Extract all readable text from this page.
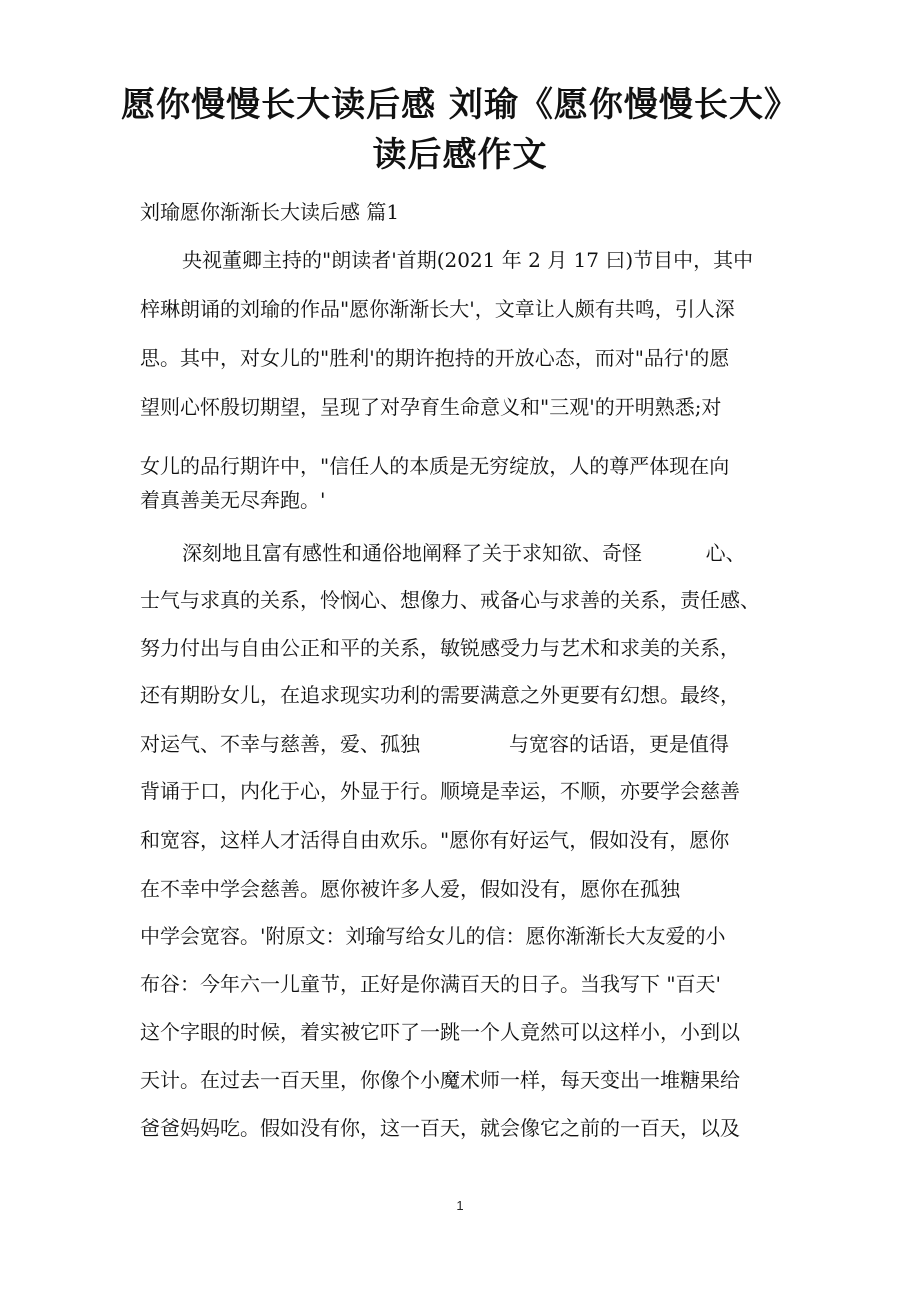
愿你慢慢长大读后感 刘瑜《愿你慢慢长大》
读后感作文
刘瑜愿你渐渐长大读后感 篇1
央视董卿主持的"朗读者'首期(2021 年 2 月 17 曰)节目中，其中
梓琳朗诵的刘瑜的作品"愿你渐渐长大'，文章让人颇有共鸣，引人深
思。其中，对女儿的"胜利'的期许抱持的开放心态，而对"品行'的愿
望则心怀殷切期望，呈现了对孕育生命意义和"三观'的开明熟悉;对
女儿的品行期许中，"信任人的本质是无穷绽放，人的尊严体现在向
着真善美无尽奔跑。'
深刻地且富有感性和通俗地阐释了关于求知欲、奇怪          心、
士气与求真的关系，怜悯心、想像力、戒备心与求善的关系，责任感、
努力付出与自由公正和平的关系，敏锐感受力与艺术和求美的关系，
还有期盼女儿，在追求现实功利的需要满意之外更要有幻想。最终，
对运气、不幸与慈善，爱、孤独              与宽容的话语，更是值得
背诵于口，内化于心，外显于行。顺境是幸运，不顺，亦要学会慈善
和宽容，这样人才活得自由欢乐。"愿你有好运气，假如没有，愿你
在不幸中学会慈善。愿你被许多人爱，假如没有，愿你在孤独
中学会宽容。'附原文：刘瑜写给女儿的信：愿你渐渐长大友爱的小
布谷：今年六一儿童节，正好是你满百天的日子。当我写下 "百天'
这个字眼的时候，着实被它吓了一跳一个人竟然可以这样小，小到以
天计。在过去一百天里，你像个小魔术师一样，每天变出一堆糖果给
爸爸妈妈吃。假如没有你，这一百天，就会像它之前的一百天，以及
1
